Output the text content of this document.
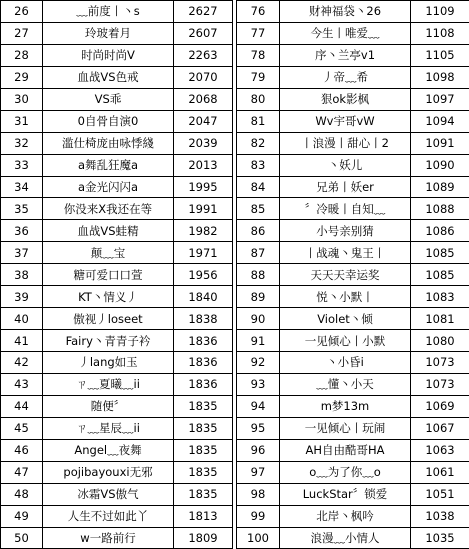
26	﹏前度丨丶s	2627
27	玲玻着月	2607
28	时尚时尚V	2263
29	血战VS色戒	2070
30	VS乖	2068
31	0自骨自演0	2047
32	滥仕椅庞由咏悸綫	2039
33	a舞乱狂魔a	2013
34	a金光闪闪a	1995
35	你没来X我还在等	1991
36	血战VS蛙精	1982
37	颠﹏宝	1971
38	糖可爱口口萱	1956
39	KT丶情义丿	1840
40	傲视丿loseet	1838
41	Fairy丶青青子衿	1836
42	丿lang如玉	1836
43	ㄗ﹏夏曦﹏ii	1836
44	随便〞	1835
45	ㄗ﹏星辰﹏ii	1835
46	Angel﹏夜舞	1835
47	pojibayouxi无邪	1835
48	冰霜VS傲气	1835
49	人生不过如此丫	1813
50	w一路前行	1809
76	财神福袋丶26	1109
77	今生丨唯爱﹏	1108
78	序丶兰亭v1	1105
79	丿帝﹏希	1098
80	狠ok影枫	1097
81	Wv宇哥vW	1094
82	丨浪漫丨甜心丨2	1091
83	丶妖儿	1090
84	兄弟丨妖er	1089
85	〞冷暖丨自知﹏	1088
86	小号亲别猜	1086
87	丨战魂丶鬼王丨	1085
88	天天天幸运奖	1085
89	悦丶小默丨	1083
90	Violet丶倾	1081
91	一见倾心丨小默	1080
92	丶小昏i	1073
93	﹏懂丶小天	1073
94	m梦13m	1069
95	一见倾心丨玩闹	1067
96	AH自由酷哥HA	1063
97	o﹏为了你﹏o	1061
98	LuckStar〞锁爱	1051
99	北岸丶枫吟	1038
100	浪漫﹏小情人	1035
